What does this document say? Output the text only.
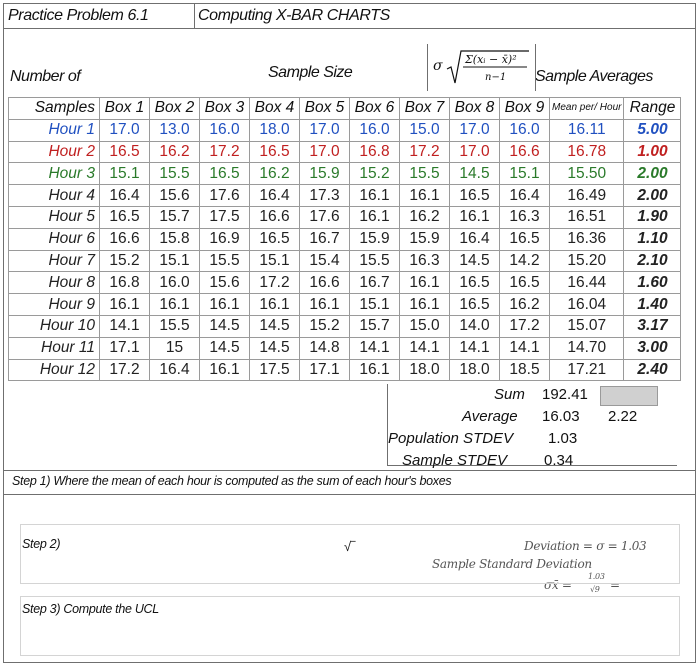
Practice Problem 6.1	Computing X-BAR CHARTS
Number of	Sample Size	Sample Averages
σ Σ(xᵢ − x̄)²
n−1
Samples	Box 1	Box 2	Box 3	Box 4	Box 5	Box 6	Box 7	Box 8	Box 9	Mean per/ Hour	Range
Hour 1	17.0	13.0	16.0	18.0	17.0	16.0	15.0	17.0	16.0	16.11	5.00
Hour 2	16.5	16.2	17.2	16.5	17.0	16.8	17.2	17.0	16.6	16.78	1.00
Hour 3	15.1	15.5	16.5	16.2	15.9	15.2	15.5	14.5	15.1	15.50	2.00
Hour 4	16.4	15.6	17.6	16.4	17.3	16.1	16.1	16.5	16.4	16.49	2.00
Hour 5	16.5	15.7	17.5	16.6	17.6	16.1	16.2	16.1	16.3	16.51	1.90
Hour 6	16.6	15.8	16.9	16.5	16.7	15.9	15.9	16.4	16.5	16.36	1.10
Hour 7	15.2	15.1	15.5	15.1	15.4	15.5	16.3	14.5	14.2	15.20	2.10
Hour 8	16.8	16.0	15.6	17.2	16.6	16.7	16.1	16.5	16.5	16.44	1.60
Hour 9	16.1	16.1	16.1	16.1	16.1	15.1	16.1	16.5	16.2	16.04	1.40
Hour 10	14.1	15.5	14.5	14.5	15.2	15.7	15.0	14.0	17.2	15.07	3.17
Hour 11	17.1	15	14.5	14.5	14.8	14.1	14.1	14.1	14.1	14.70	3.00
Hour 12	17.2	16.4	16.1	17.5	17.1	16.1	18.0	18.0	18.5	17.21	2.40
Sum 192.41
Average 16.03 2.22
Population STDEV 1.03
Sample STDEV 0.34
Step 1) Where the mean of each hour is computed as the sum of each hour's boxes
Step 2)	√‾	Deviation = σ = 1.03
Sample Standard Deviation
σx̄ =
1.03
√9 =
Step 3) Compute the UCL
